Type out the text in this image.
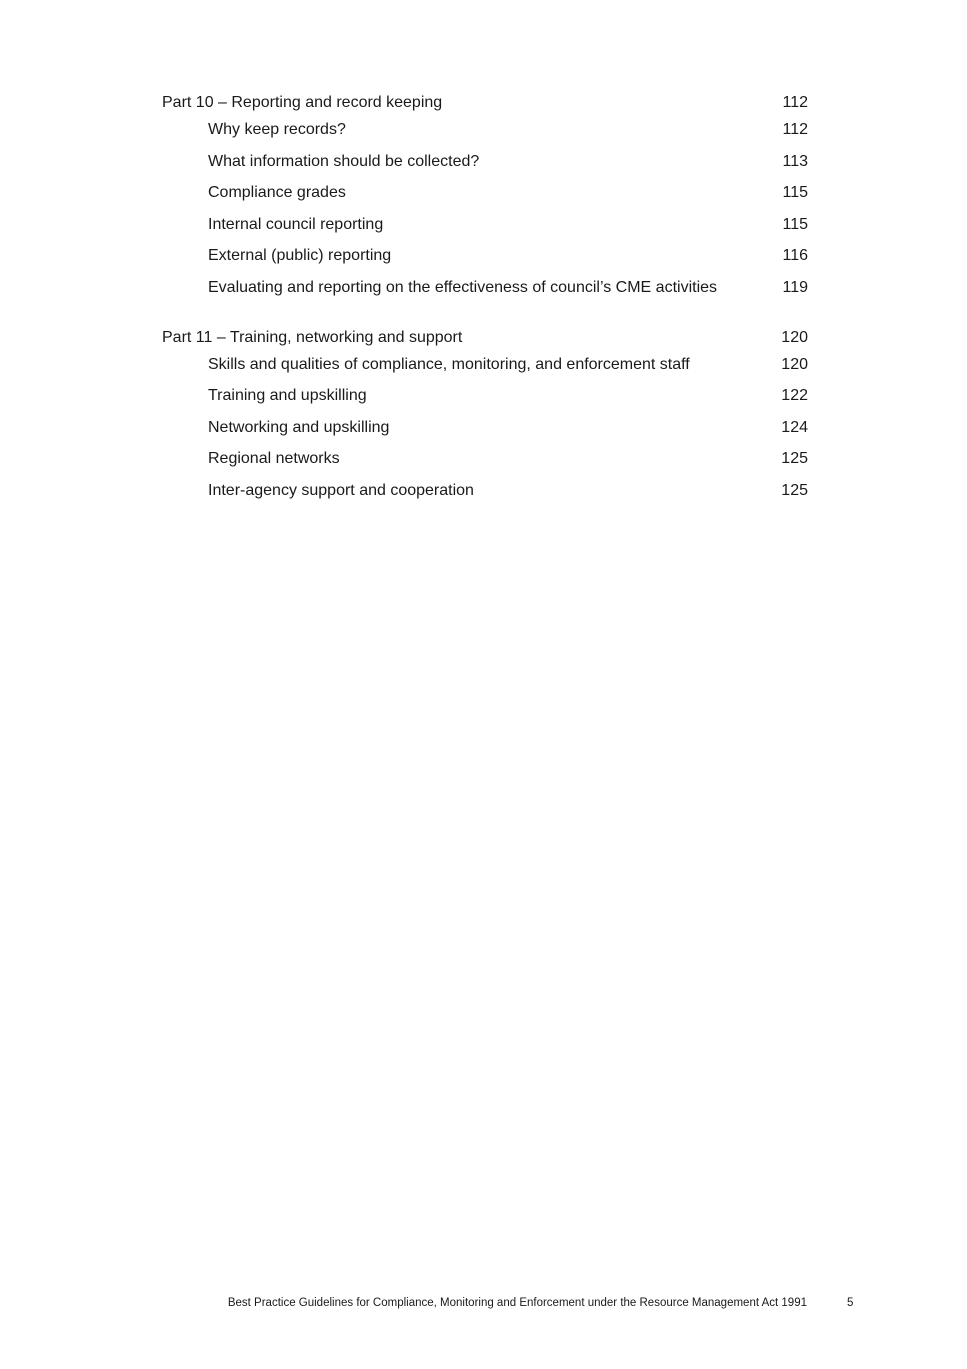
Part 10 – Reporting and record keeping	112
Why keep records?	112
What information should be collected?	113
Compliance grades	115
Internal council reporting	115
External (public) reporting	116
Evaluating and reporting on the effectiveness of council’s CME activities	119
Part 11 – Training, networking and support	120
Skills and qualities of compliance, monitoring, and enforcement staff	120
Training and upskilling	122
Networking and upskilling	124
Regional networks	125
Inter-agency support and cooperation	125
Best Practice Guidelines for Compliance, Monitoring and Enforcement under the Resource Management Act 1991	5
